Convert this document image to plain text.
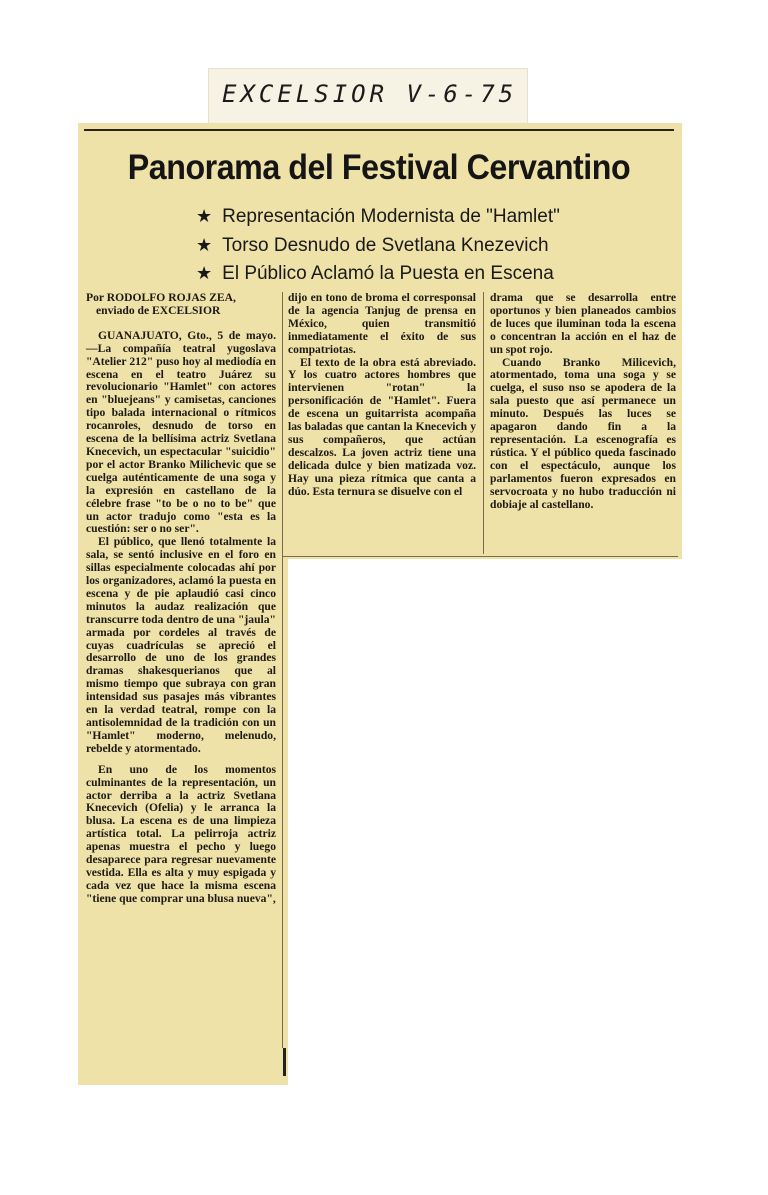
EXCELSIOR V-6-75
Panorama del Festival Cervantino
★ Representación Modernista de "Hamlet"
★ Torso Desnudo de Svetlana Knezevich
★ El Público Aclamó la Puesta en Escena

Por RODOLFO ROJAS ZEA,

enviado de EXCELSIOR

GUANAJUATO, Gto., 5 de mayo.—La compañía teatral yugoslava "Atelier 212" puso hoy al mediodía en escena en el teatro Juárez su revolucionario "Hamlet" con actores en "bluejeans" y camisetas, canciones tipo balada internacional o rítmicos rocanroles, desnudo de torso en escena de la bellísima actriz Svetlana Knecevich, un espectacular "suicidio" por el actor Branko Milichevic que se cuelga auténticamente de una soga y la expresión en castellano de la célebre frase "to be o no to be" que un actor tradujo como "esta es la cuestión: ser o no ser".

El público, que llenó totalmente la sala, se sentó inclusive en el foro en sillas especialmente colocadas ahí por los organizadores, aclamó la puesta en escena y de pie aplaudió casi cinco minutos la audaz realización que transcurre toda dentro de una "jaula" armada por cordeles al través de cuyas cuadrículas se apreció el desarrollo de uno de los grandes dramas shakesquerianos que al mismo tiempo que subraya con gran intensidad sus pasajes más vibrantes en la verdad teatral, rompe con la antisolemnidad de la tradición con un "Hamlet" moderno, melenudo, rebelde y atormentado.

En uno de los momentos culminantes de la representación, un actor derriba a la actriz Svetlana Knecevich (Ofelia) y le arranca la blusa. La escena es de una limpieza artística total. La pelirroja actriz apenas muestra el pecho y luego desaparece para regresar nuevamente vestida. Ella es alta y muy espigada y cada vez que hace la misma escena "tiene que comprar una blusa nueva",

dijo en tono de broma el corresponsal de la agencia Tanjug de prensa en México, quien transmitió inmediatamente el éxito de sus compatriotas.

El texto de la obra está abreviado. Y los cuatro actores hombres que intervienen "rotan" la personificación de "Hamlet". Fuera de escena un guitarrista acompaña las baladas que cantan la Knecevich y sus compañeros, que actúan descalzos. La joven actriz tiene una delicada dulce y bien matizada voz. Hay una pieza rítmica que canta a dúo. Esta ternura se disuelve con el

drama que se desarrolla entre oportunos y bien planeados cambios de luces que iluminan toda la escena o concentran la acción en el haz de un spot rojo.

Cuando Branko Milicevich, atormentado, toma una soga y se cuelga, el suso nso se apodera de la sala puesto que así permanece un minuto. Después las luces se apagaron dando fin a la representación. La escenografía es rústica. Y el público queda fascinado con el espectáculo, aunque los parlamentos fueron expresados en servocroata y no hubo traducción ni dobiaje al castellano.
